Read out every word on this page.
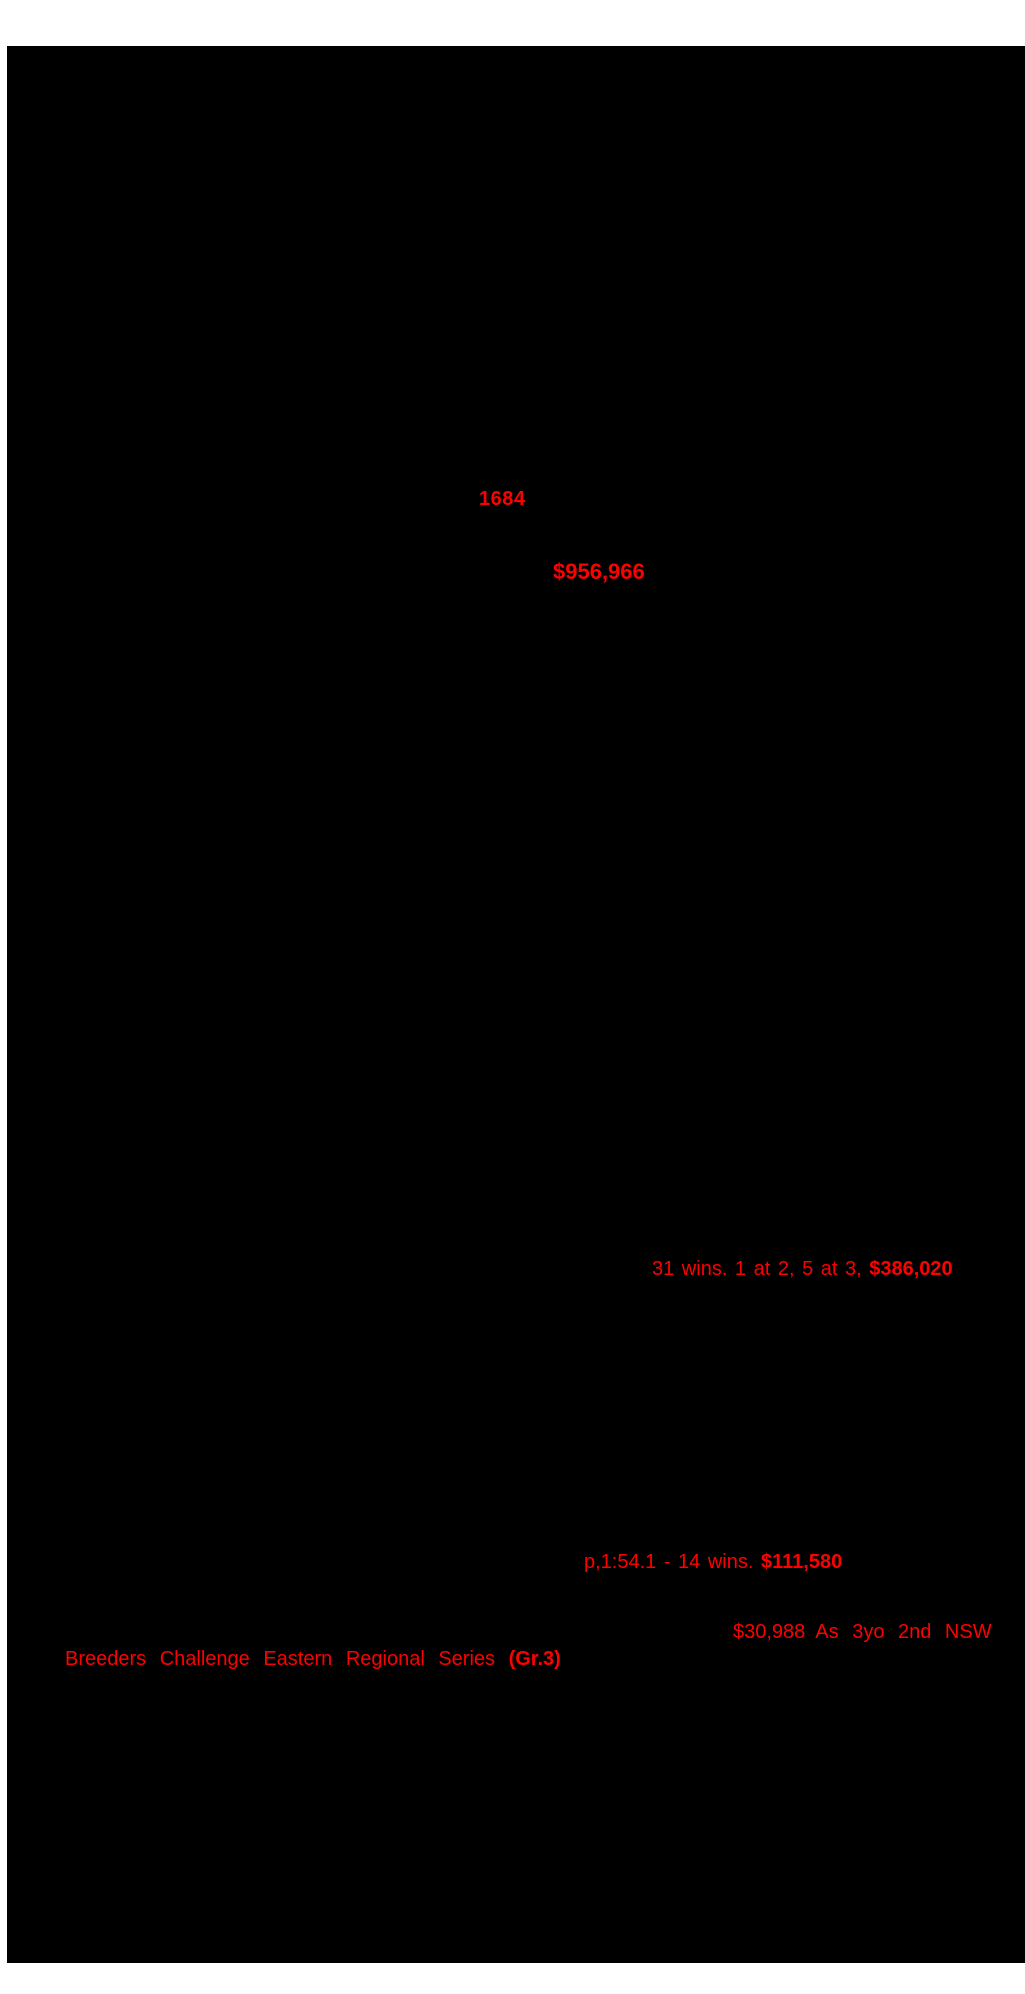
1684
$956,966
31 wins. 1 at 2, 5 at 3, $386,020
p,1:54.1 - 14 wins. $111,580
$30,988 As 3yo 2nd NSW
Breeders Challenge Eastern Regional Series (Gr.3)
